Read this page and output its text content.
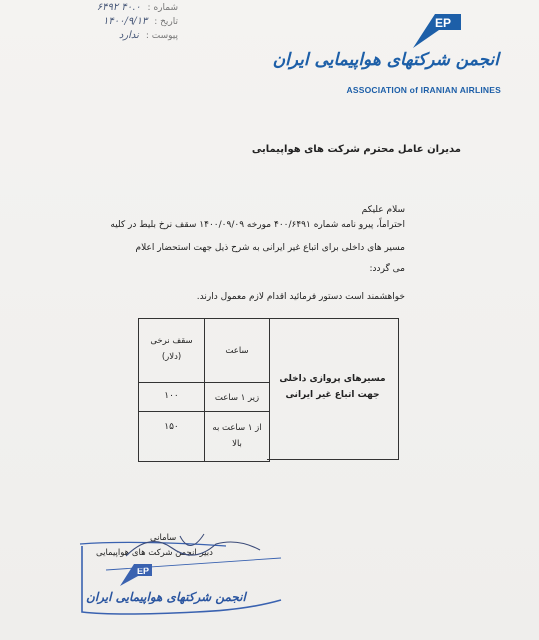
شماره : ۴۰.۰ ۶۴۹۲
تاریخ : ۱۴۰۰/۹/۱۳
پیوست : ندارد
EP
انجمن شرکتهای هواپیمایی ایران
ASSOCIATION of IRANIAN AIRLINES
مدیران عامل محترم شرکت های هواپیمایی
سلام علیکم
احتراماً، پیرو نامه شماره ۴۰۰/۶۴۹۱ مورخه ۱۴۰۰/۰۹/۰۹ سقف نرخ بلیط در کلیه
مسیر های داخلی برای اتباع غیر ایرانی به شرح ذیل جهت استحضار اعلام
می گردد:
خواهشمند است دستور فرمائید اقدام لازم معمول دارند.
مسیرهای پروازی داخلی جهت اتباع غیر ایرانی
ساعت
سقف نرخی (دلار)
زیر ۱ ساعت
۱۰۰
از ۱ ساعت به بالا
۱۵۰
EP
انجمن شرکتهای هواپیمایی ایران
سامانی
دبیر انجمن شرکت های هواپیمایی
